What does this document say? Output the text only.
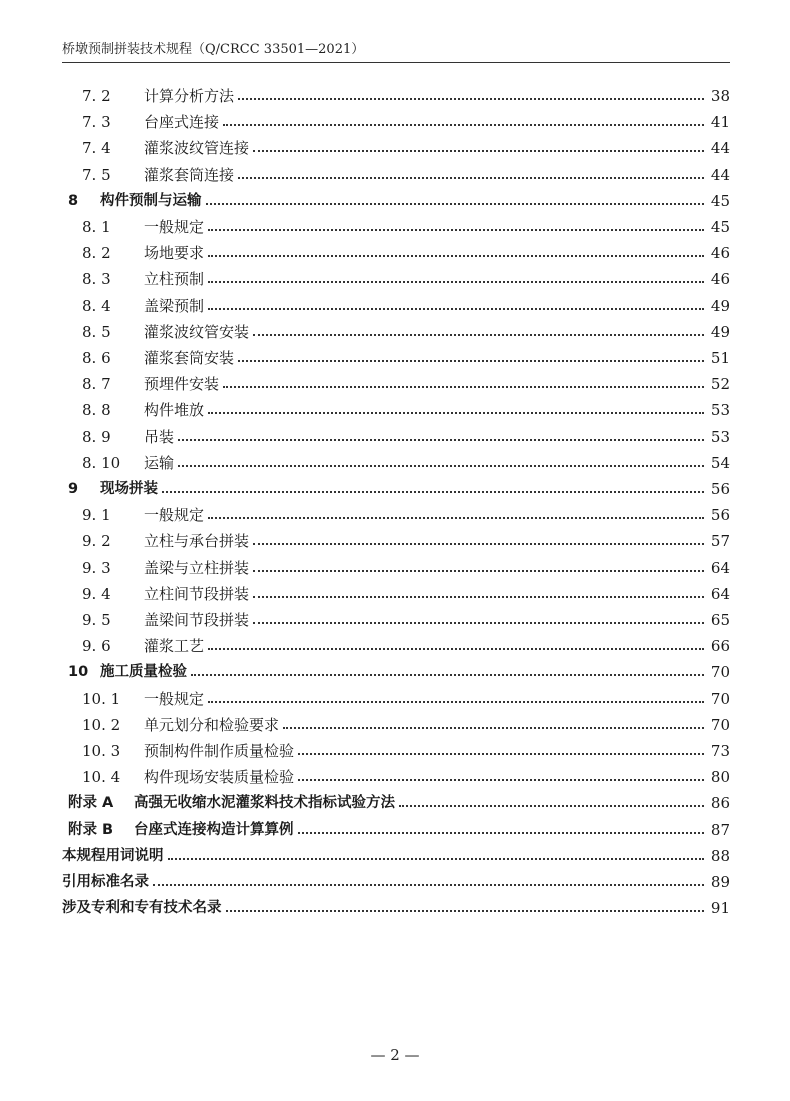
桥墩预制拼装技术规程（Q/CRCC 33501—2021）
7. 2	计算分析方法	38
7. 3	台座式连接	41
7. 4	灌浆波纹管连接	44
7. 5	灌浆套筒连接	44
8	构件预制与运输	45
8. 1	一般规定	45
8. 2	场地要求	46
8. 3	立柱预制	46
8. 4	盖梁预制	49
8. 5	灌浆波纹管安装	49
8. 6	灌浆套筒安装	51
8. 7	预埋件安装	52
8. 8	构件堆放	53
8. 9	吊装	53
8. 10	运输	54
9	现场拼装	56
9. 1	一般规定	56
9. 2	立柱与承台拼装	57
9. 3	盖梁与立柱拼装	64
9. 4	立柱间节段拼装	64
9. 5	盖梁间节段拼装	65
9. 6	灌浆工艺	66
10 施工质量检验	70
10. 1	一般规定	70
10. 2	单元划分和检验要求	70
10. 3	预制构件制作质量检验	73
10. 4	构件现场安装质量检验	80
附录 A	高强无收缩水泥灌浆料技术指标试验方法	86
附录 B	台座式连接构造计算算例	87
本规程用词说明	88
引用标准名录	89
涉及专利和专有技术名录	91
— 2 —
